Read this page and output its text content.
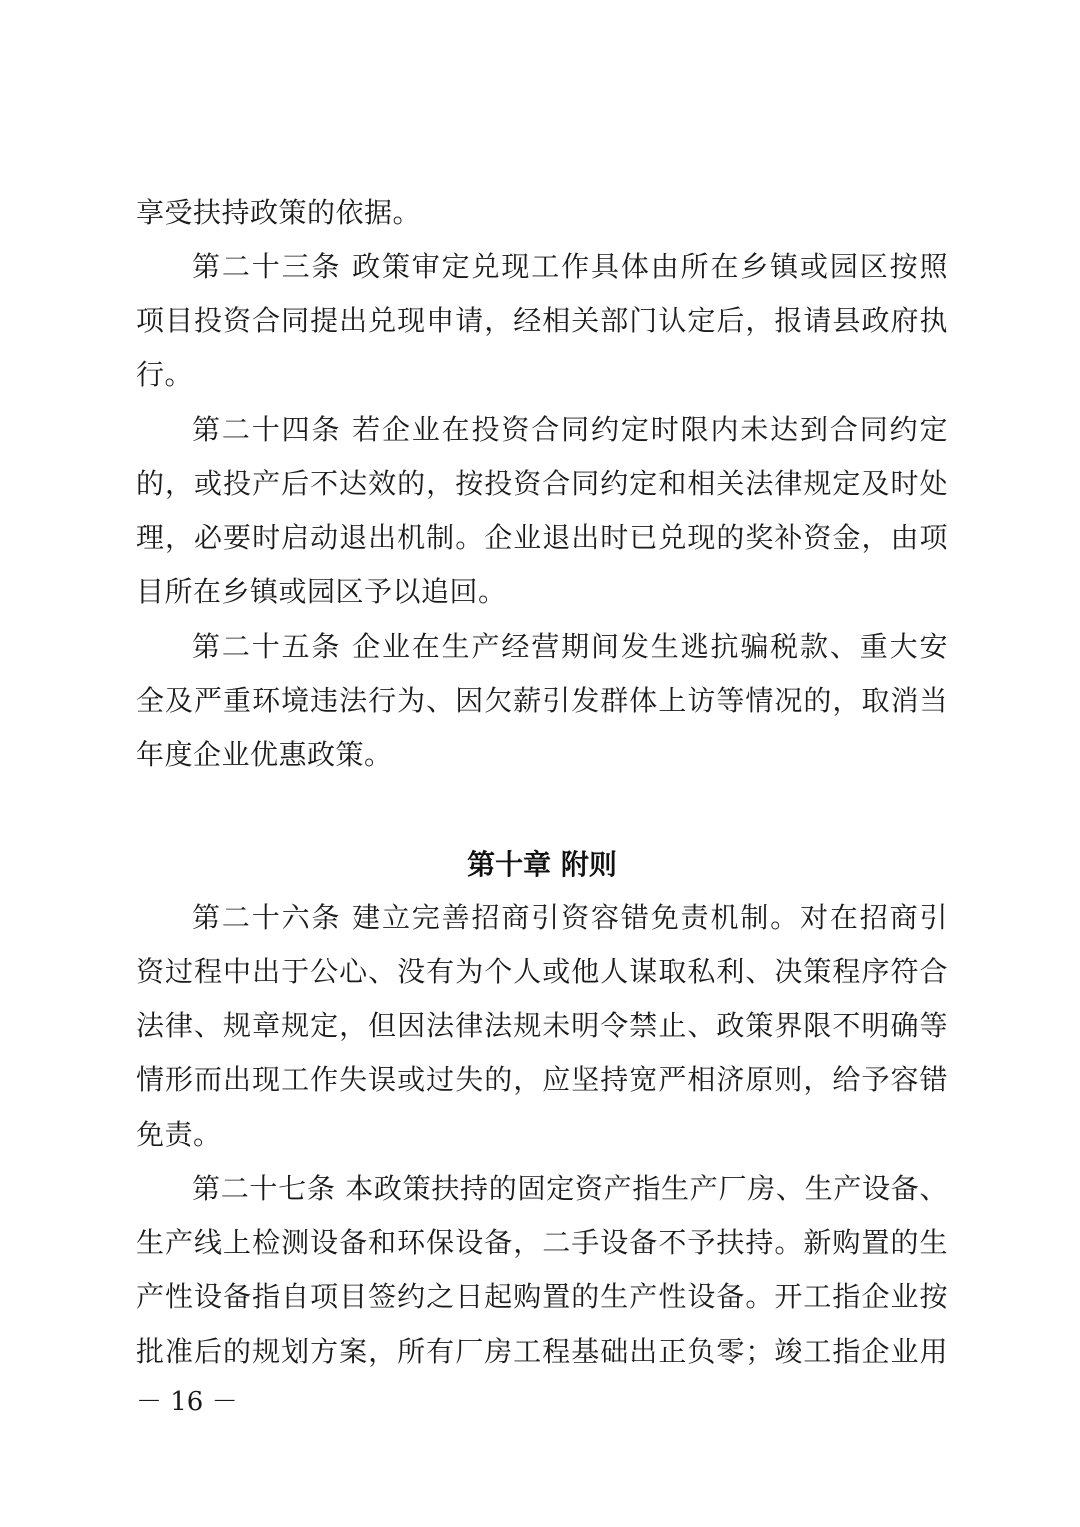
享受扶持政策的依据。
第二十三条 政策审定兑现工作具体由所在乡镇或园区按照
项目投资合同提出兑现申请，经相关部门认定后，报请县政府执
行。
第二十四条 若企业在投资合同约定时限内未达到合同约定
的，或投产后不达效的，按投资合同约定和相关法律规定及时处
理，必要时启动退出机制。企业退出时已兑现的奖补资金，由项
目所在乡镇或园区予以追回。
第二十五条 企业在生产经营期间发生逃抗骗税款、重大安
全及严重环境违法行为、因欠薪引发群体上访等情况的，取消当
年度企业优惠政策。
第十章 附则
第二十六条 建立完善招商引资容错免责机制。对在招商引
资过程中出于公心、没有为个人或他人谋取私利、决策程序符合
法律、规章规定，但因法律法规未明令禁止、政策界限不明确等
情形而出现工作失误或过失的，应坚持宽严相济原则，给予容错
免责。
第二十七条 本政策扶持的固定资产指生产厂房、生产设备、
生产线上检测设备和环保设备，二手设备不予扶持。新购置的生
产性设备指自项目签约之日起购置的生产性设备。开工指企业按
批准后的规划方案，所有厂房工程基础出正负零；竣工指企业用
－ 16 －
